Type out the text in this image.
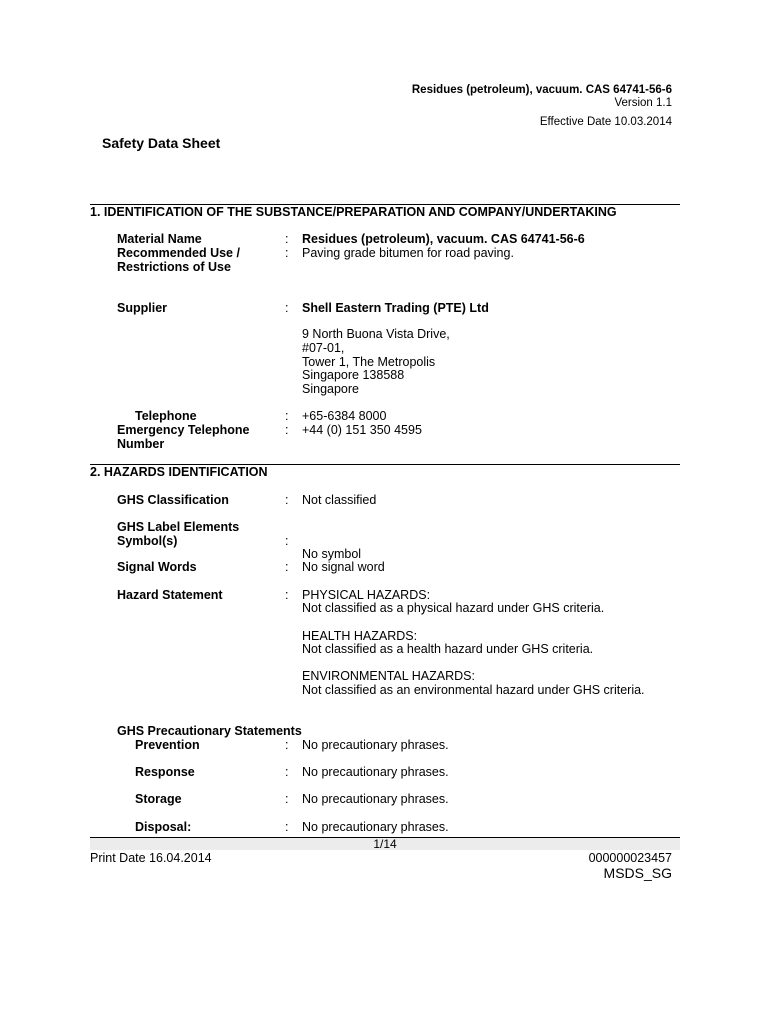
Residues (petroleum), vacuum. CAS 64741-56-6
Version 1.1
Effective Date 10.03.2014
Safety Data Sheet
1. IDENTIFICATION OF THE SUBSTANCE/PREPARATION AND COMPANY/UNDERTAKING
Material Name	: Residues (petroleum), vacuum. CAS 64741-56-6
Recommended Use /
Restrictions of Use
: Paving grade bitumen for road paving.
Supplier	: Shell Eastern Trading (PTE) Ltd
9 North Buona Vista Drive,
#07-01,
Tower 1, The Metropolis
Singapore 138588
Singapore
Telephone	: +65-6384 8000
Emergency Telephone
Number
: +44 (0) 151 350 4595
2. HAZARDS IDENTIFICATION
GHS Classification	: Not classified
GHS Label Elements
Symbol(s)	:
No symbol
Signal Words	: No signal word
Hazard Statement	: PHYSICAL HAZARDS:
Not classified as a physical hazard under GHS criteria.
HEALTH HAZARDS:
Not classified as a health hazard under GHS criteria.
ENVIRONMENTAL HAZARDS:
Not classified as an environmental hazard under GHS criteria.
GHS Precautionary Statements
Prevention	: No precautionary phrases.
Response	: No precautionary phrases.
Storage	: No precautionary phrases.
Disposal:	: No precautionary phrases.
1/14
Print Date 16.04.2014	000000023457
MSDS_SG
